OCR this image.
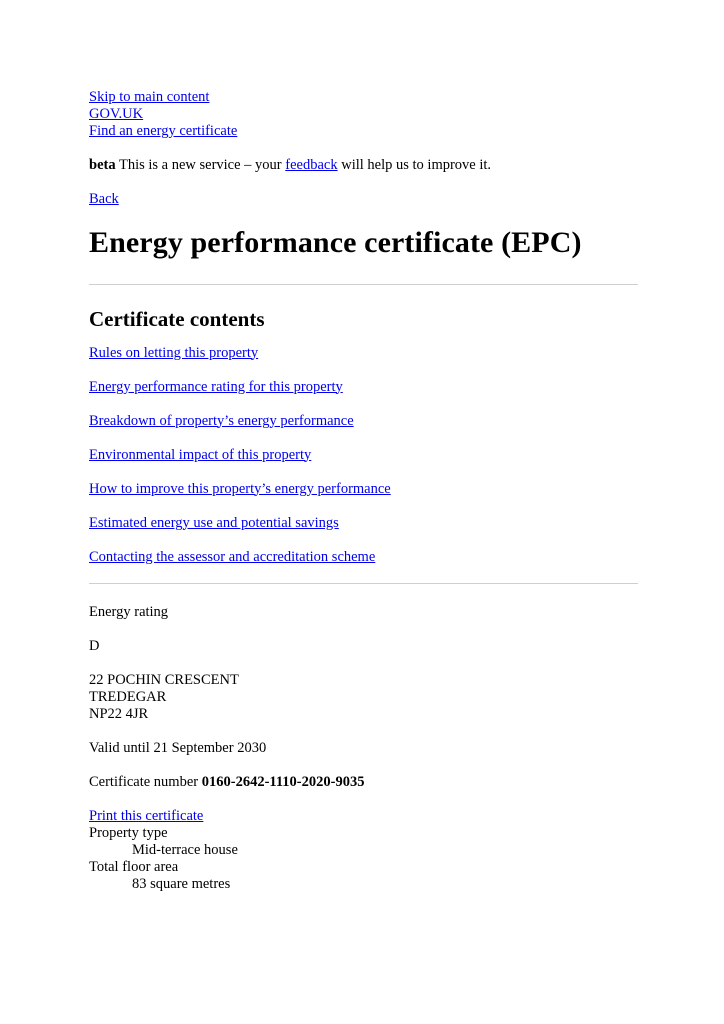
Skip to main content

GOV.UK

Find an energy certificate

beta This is a new service – your feedback will help us to improve it.

Back

Energy performance certificate (EPC)
Certificate contents
Rules on letting this property
Energy performance rating for this property
Breakdown of property’s energy performance
Environmental impact of this property
How to improve this property’s energy performance
Estimated energy use and potential savings
Contacting the assessor and accreditation scheme

Energy rating

D

22 POCHIN CRESCENT
TREDEGAR
NP22 4JR

Valid until 21 September 2030

Certificate number 0160-2642-1110-2020-9035

Print this certificate
Property type
Mid-terrace house
Total floor area
83 square metres
